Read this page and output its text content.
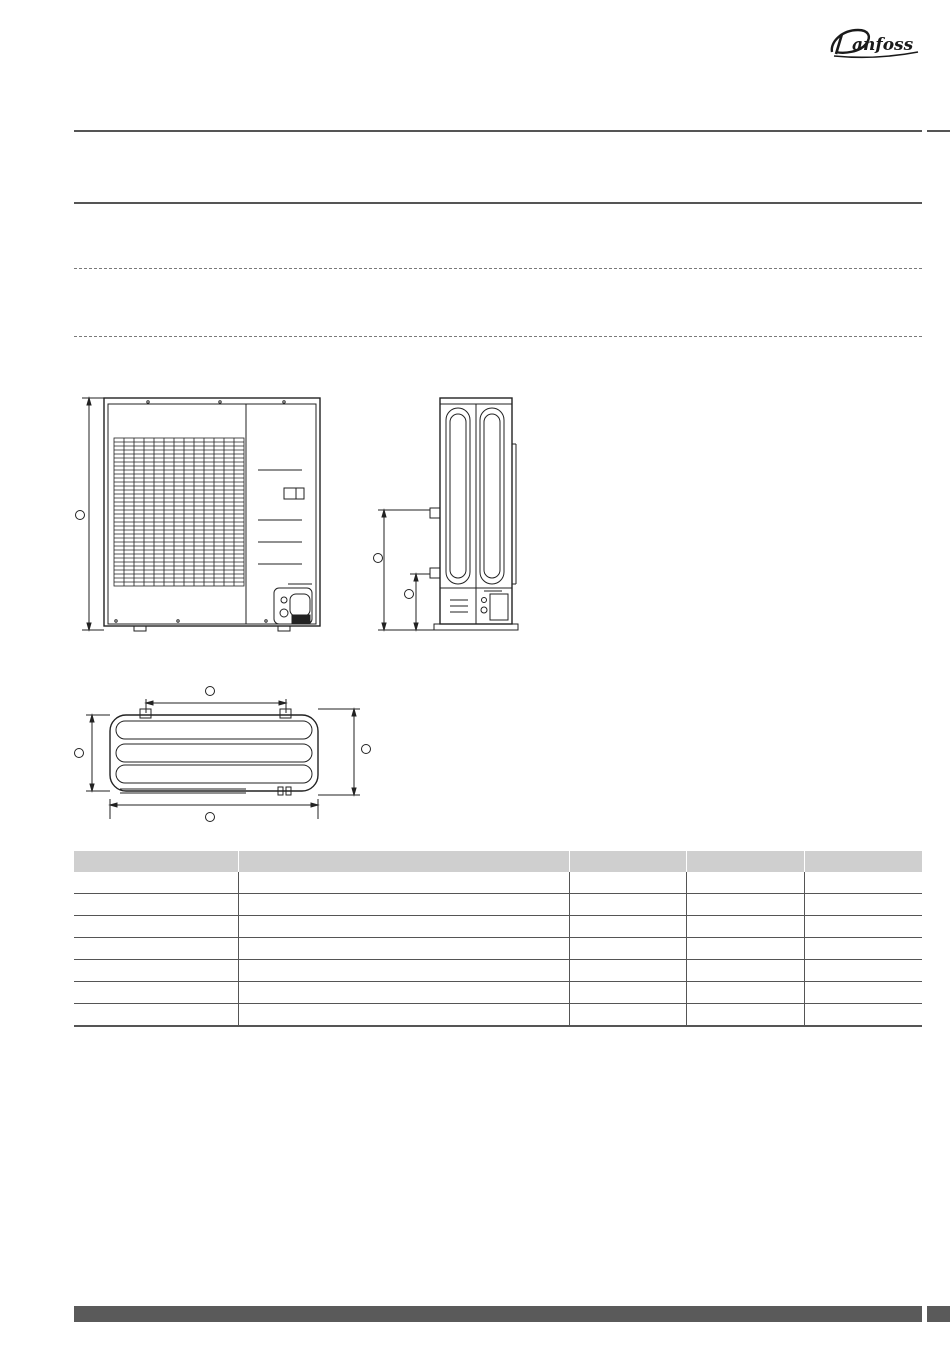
anfoss
